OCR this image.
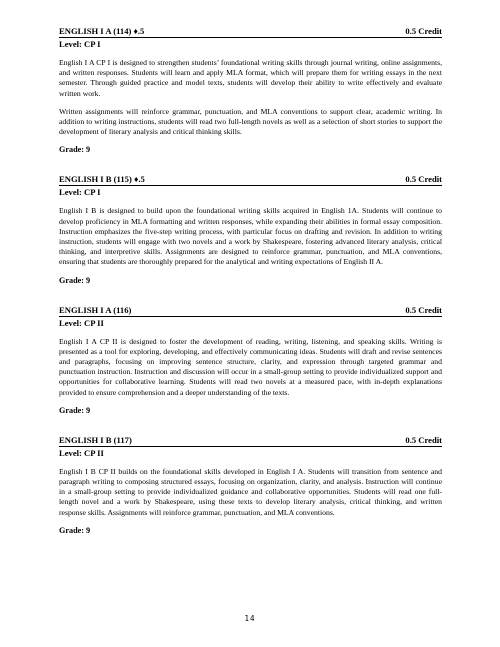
ENGLISH I A (114) ♦.5	0.5 Credit
Level: CP I

English I A CP I is designed to strengthen students’ foundational writing skills through journal writing, online assignments, and written responses. Students will learn and apply MLA format, which will prepare them for writing essays in the next semester. Through guided practice and model texts, students will develop their ability to write effectively and evaluate written work.

Written assignments will reinforce grammar, punctuation, and MLA conventions to support clear, academic writing. In addition to writing instructions, students will read two full-length novels as well as a selection of short stories to support the development of literary analysis and critical thinking skills.

Grade: 9
ENGLISH I B (115) ♦.5	0.5 Credit
Level: CP I

English I B is designed to build upon the foundational writing skills acquired in English 1A. Students will continue to develop proficiency in MLA formatting and written responses, while expanding their abilities in formal essay composition. Instruction emphasizes the five-step writing process, with particular focus on drafting and revision. In addition to writing instruction, students will engage with two novels and a work by Shakespeare, fostering advanced literary analysis, critical thinking, and interpretive skills. Assignments are designed to reinforce grammar, punctuation, and MLA conventions, ensuring that students are thoroughly prepared for the analytical and writing expectations of English II A.

Grade: 9
ENGLISH I A (116)	0.5 Credit
Level: CP II

English I A CP II is designed to foster the development of reading, writing, listening, and speaking skills. Writing is presented as a tool for exploring, developing, and effectively communicating ideas. Students will draft and revise sentences and paragraphs, focusing on improving sentence structure, clarity, and expression through targeted grammar and punctuation instruction. Instruction and discussion will occur in a small-group setting to provide individualized support and opportunities for collaborative learning. Students will read two novels at a measured pace, with in-depth explanations provided to ensure comprehension and a deeper understanding of the texts.

Grade: 9
ENGLISH I B (117)	0.5 Credit
Level: CP II

English I B CP II builds on the foundational skills developed in English I A. Students will transition from sentence and paragraph writing to composing structured essays, focusing on organization, clarity, and analysis. Instruction will continue in a small-group setting to provide individualized guidance and collaborative opportunities. Students will read one full-length novel and a work by Shakespeare, using these texts to develop literary analysis, critical thinking, and written response skills. Assignments will reinforce grammar, punctuation, and MLA conventions.

Grade: 9
14
